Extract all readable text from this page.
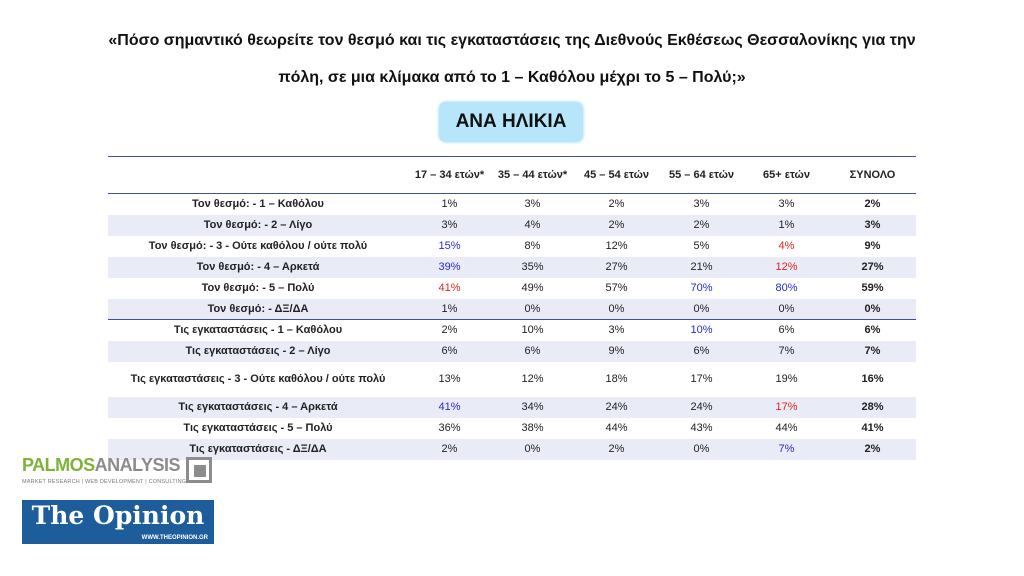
«Πόσο σημαντικό θεωρείτε τον θεσμό και τις εγκαταστάσεις της Διεθνούς Εκθέσεως Θεσσαλονίκης για την
πόλη, σε μια κλίμακα από το 1 – Καθόλου μέχρι το 5 – Πολύ;»
ΑΝΑ ΗΛΙΚΙΑ
	17 – 34 ετών*	35 – 44 ετών*	45 – 54 ετών	55 – 64 ετών	65+ ετών	ΣΥΝΟΛΟ
Τον θεσμό: - 1 – Καθόλου	1%	3%	2%	3%	3%	2%
Τον θεσμό: - 2 – Λίγο	3%	4%	2%	2%	1%	3%
Τον θεσμό: - 3 - Ούτε καθόλου / ούτε πολύ	15%	8%	12%	5%	4%	9%
Τον θεσμό: - 4 – Αρκετά	39%	35%	27%	21%	12%	27%
Τον θεσμό: - 5 – Πολύ	41%	49%	57%	70%	80%	59%
Τον θεσμό: - ΔΞ/ΔΑ	1%	0%	0%	0%	0%	0%
Τις εγκαταστάσεις - 1 – Καθόλου	2%	10%	3%	10%	6%	6%
Τις εγκαταστάσεις - 2 – Λίγο	6%	6%	9%	6%	7%	7%
Τις εγκαταστάσεις - 3 - Ούτε καθόλου / ούτε πολύ	13%	12%	18%	17%	19%	16%
Τις εγκαταστάσεις - 4 – Αρκετά	41%	34%	24%	24%	17%	28%
Τις εγκαταστάσεις - 5 – Πολύ	36%	38%	44%	43%	44%	41%
Τις εγκαταστάσεις - ΔΞ/ΔΑ	2%	0%	2%	0%	7%	2%
PALMOSANALYSIS
MARKET RESEARCH | WEB DEVELOPMENT | CONSULTING
The Opinion
WWW.THEOPINION.GR
